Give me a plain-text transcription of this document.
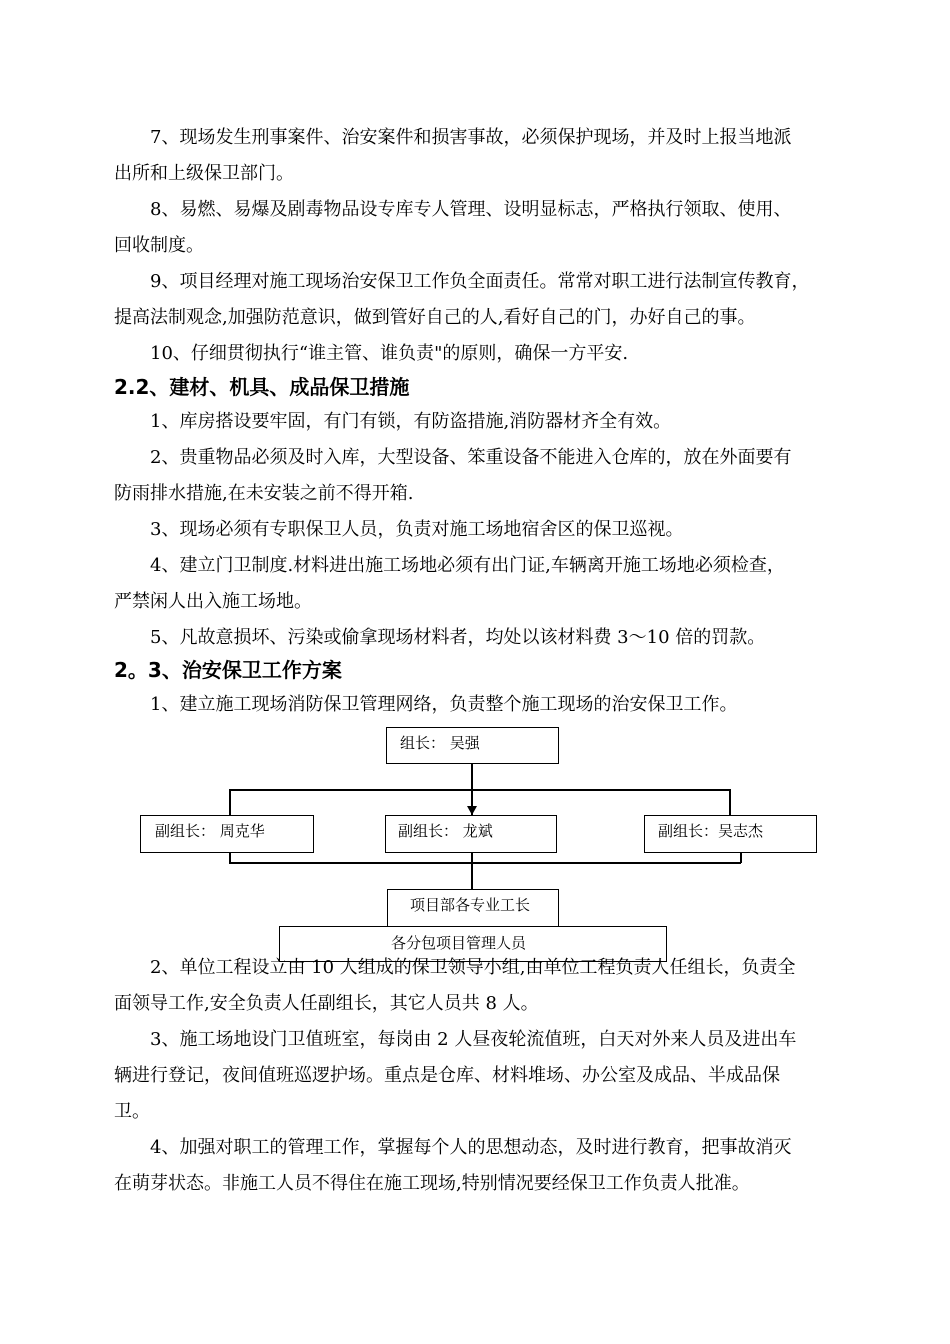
7、现场发生刑事案件、治安案件和损害事故，必须保护现场，并及时上报当地派
出所和上级保卫部门。
8、易燃、易爆及剧毒物品设专库专人管理、设明显标志，严格执行领取、使用、
回收制度。
9、项目经理对施工现场治安保卫工作负全面责任。常常对职工进行法制宣传教育，
提高法制观念,加强防范意识，做到管好自己的人,看好自己的门，办好自己的事。
10、仔细贯彻执行“谁主管、谁负责"的原则，确保一方平安.
2.2、建材、机具、成品保卫措施
1、库房搭设要牢固，有门有锁，有防盗措施,消防器材齐全有效。
2、贵重物品必须及时入库，大型设备、笨重设备不能进入仓库的，放在外面要有
防雨排水措施,在未安装之前不得开箱.
3、现场必须有专职保卫人员，负责对施工场地宿舍区的保卫巡视。
4、建立门卫制度.材料进出施工场地必须有出门证,车辆离开施工场地必须检查，
严禁闲人出入施工场地。
5、凡故意损坏、污染或偷拿现场材料者，均处以该材料费 3～10 倍的罚款。
2。3、治安保卫工作方案
1、建立施工现场消防保卫管理网络，负责整个施工现场的治安保卫工作。
组长： 吴强
副组长： 周克华	副组长： 龙斌	副组长：吴志杰
项目部各专业工长
各分包项目管理人员
2、单位工程设立由 10 人组成的保卫领导小组,由单位工程负责人任组长，负责全
面领导工作,安全负责人任副组长，其它人员共 8 人。
3、施工场地设门卫值班室，每岗由 2 人昼夜轮流值班，白天对外来人员及进出车
辆进行登记，夜间值班巡逻护场。重点是仓库、材料堆场、办公室及成品、半成品保
卫。
4、加强对职工的管理工作，掌握每个人的思想动态，及时进行教育，把事故消灭
在萌芽状态。非施工人员不得住在施工现场,特别情况要经保卫工作负责人批准。
